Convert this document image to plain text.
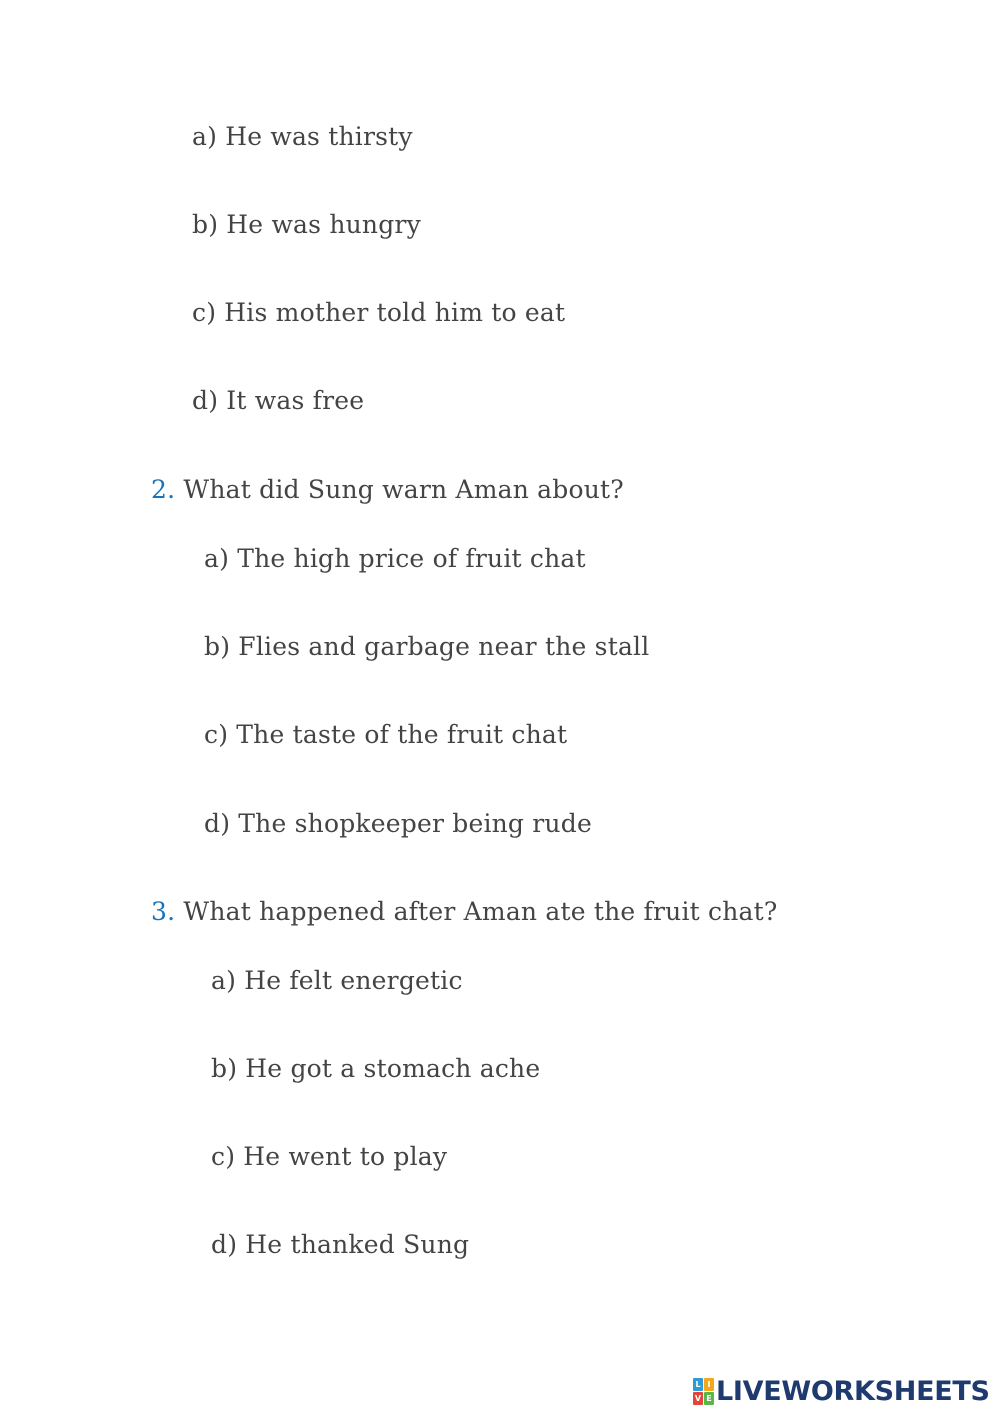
a) He was thirsty
b) He was hungry
c) His mother told him to eat
d) It was free
2. What did Sung warn Aman about?
a) The high price of fruit chat
b) Flies and garbage near the stall
c) The taste of the fruit chat
d) The shopkeeper being rude
3. What happened after Aman ate the fruit chat?
a) He felt energetic
b) He got a stomach ache
c) He went to play
d) He thanked Sung
L I
V E LIVEWORKSHEETS
